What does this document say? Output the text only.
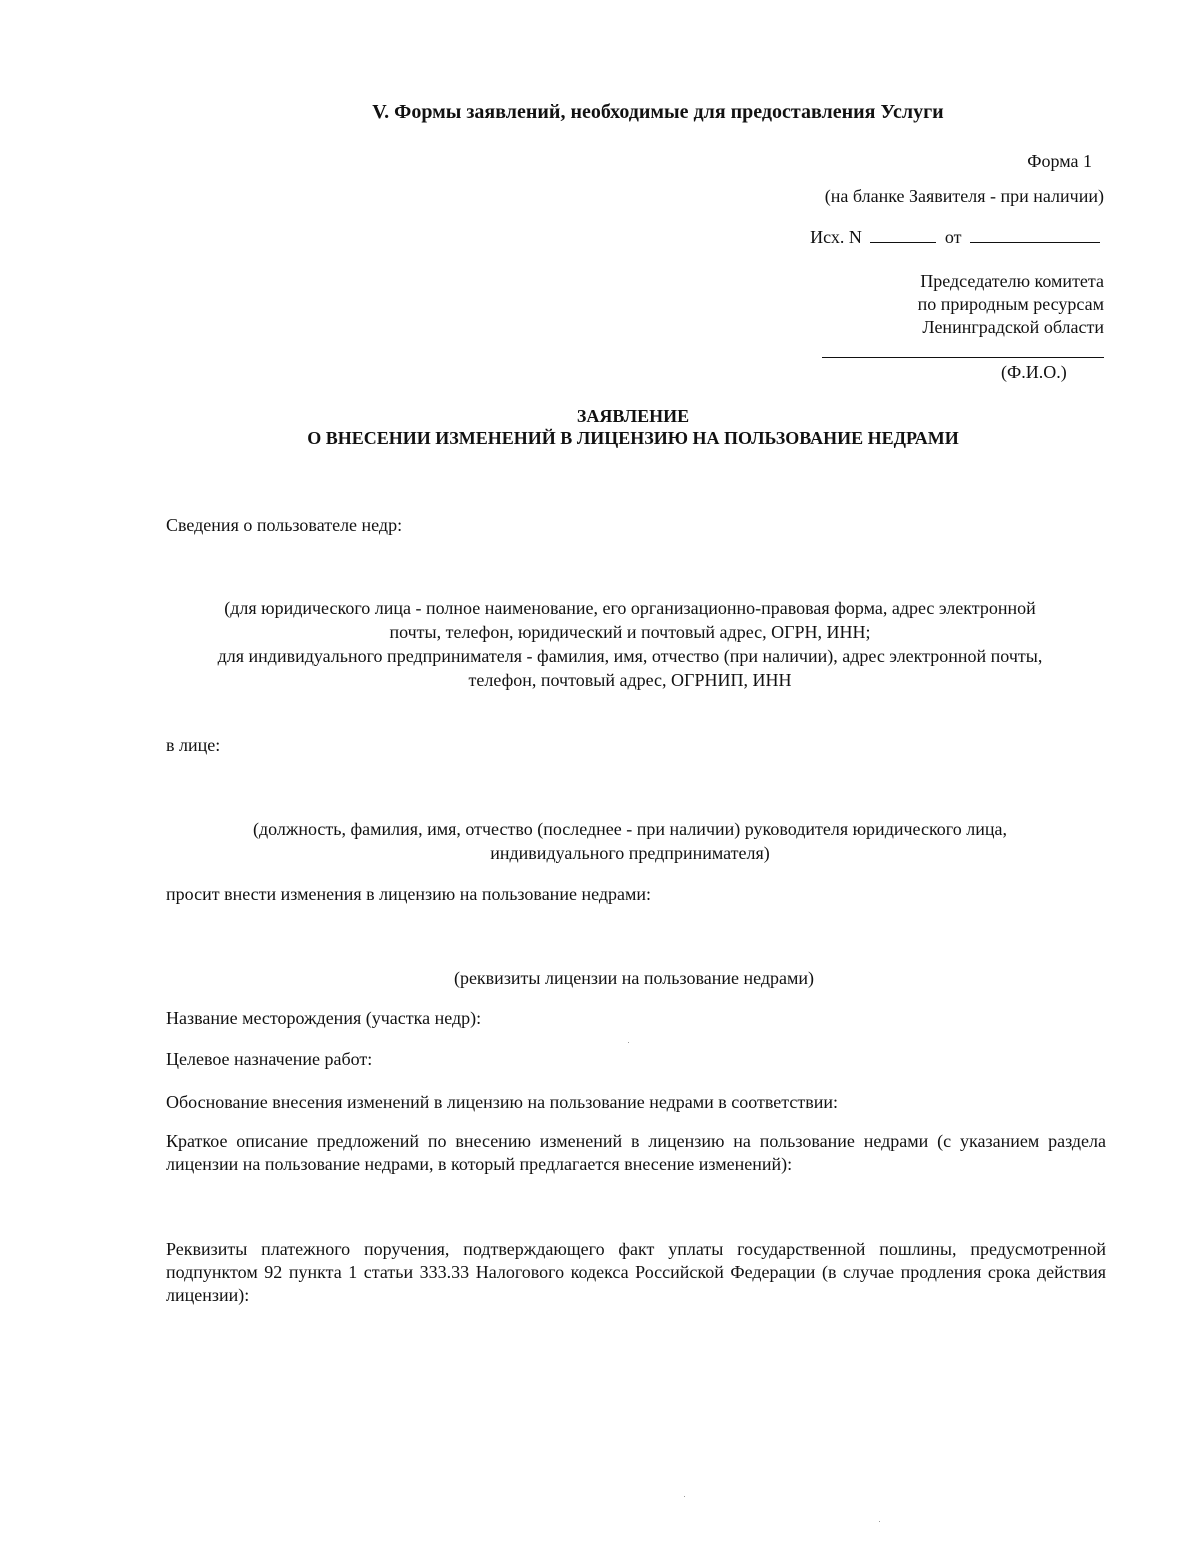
V. Формы заявлений, необходимые для предоставления Услуги
Форма 1
(на бланке Заявителя - при наличии)
Исх. N	от
Председателю комитета
по природным ресурсам
Ленинградской области
(Ф.И.О.)
ЗАЯВЛЕНИЕ
О ВНЕСЕНИИ ИЗМЕНЕНИЙ В ЛИЦЕНЗИЮ НА ПОЛЬЗОВАНИЕ НЕДРАМИ
Сведения о пользователе недр:
(для юридического лица - полное наименование, его организационно-правовая форма, адрес электронной
почты, телефон, юридический и почтовый адрес, ОГРН, ИНН;
для индивидуального предпринимателя - фамилия, имя, отчество (при наличии), адрес электронной почты,
телефон, почтовый адрес, ОГРНИП, ИНН
в лице:
(должность, фамилия, имя, отчество (последнее - при наличии) руководителя юридического лица,
индивидуального предпринимателя)
просит внести изменения в лицензию на пользование недрами:
(реквизиты лицензии на пользование недрами)
Название месторождения (участка недр):
Целевое назначение работ:
Обоснование внесения изменений в лицензию на пользование недрами в соответствии:
Краткое описание предложений по внесению изменений в лицензию на пользование недрами (с указанием раздела лицензии на пользование недрами, в который предлагается внесение изменений):
Реквизиты платежного поручения, подтверждающего факт уплаты государственной пошлины, предусмотренной подпунктом 92 пункта 1 статьи 333.33 Налогового кодекса Российской Федерации (в случае продления срока действия лицензии):
